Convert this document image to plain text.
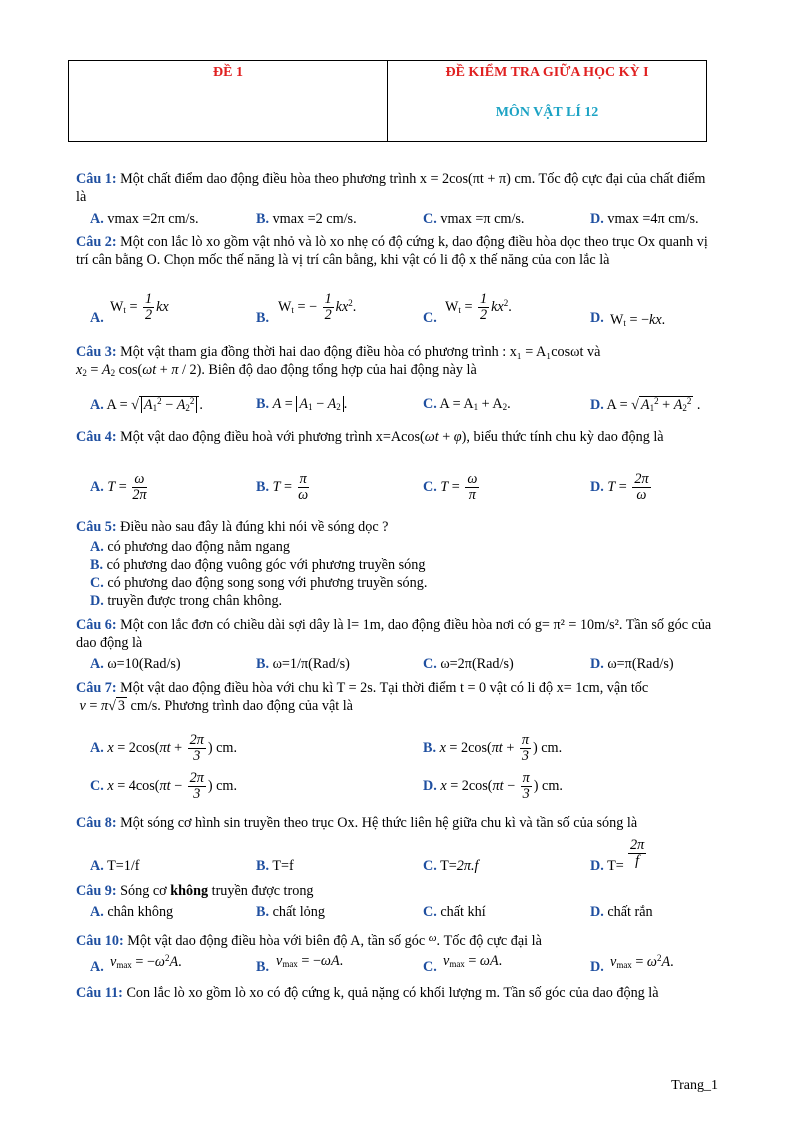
ĐỀ 1	ĐỀ KIỂM TRA GIỮA HỌC KỲ I
MÔN VẬT LÍ 12
Câu 1: Một chất điểm dao động điều hòa theo phương trình x = 2cos(πt + π) cm. Tốc độ cực đại của chất điểm là
A. vmax =2π cm/s.	B. vmax =2 cm/s.	C. vmax =π cm/s.	D. vmax =4π cm/s.
Câu 2: Một con lắc lò xo gồm vật nhỏ và lò xo nhẹ có độ cứng k, dao động điều hòa dọc theo trục Ox quanh vị trí cân bằng O. Chọn mốc thế năng là vị trí cân bằng, khi vật có li độ x thế năng của con lắc là
A.
$W_t = \frac{1}{2}$ kx
B.
$W_t$ = − $\frac{1}{2} kx^2$.
C.
$W_t = \frac{1}{2} kx^2$.
D. $W_t = -kx$.
Câu 3: Một vật tham gia đồng thời hai dao động điều hòa có phương trình : x₁ = A₁cosωt và
$x_2 = A_2$ cos(ωt + π / 2). Biên độ dao động tổng hợp của hai động này là
A. A = √ $A_1^2 - A_2^2$ .	B. $A = A_1 - A_2$ .	C. $A = A_1 + A_2$.	D. A = √ $A_1^2 + A_2^2$ .
Câu 4: Một vật dao động điều hoà với phương trình x=Acos(ωt + φ), biểu thức tính chu kỳ dao động là
A. $T = \frac{\omega}{2\pi}$	B. $T = \frac{\pi}{\omega}$	C. $T = \frac{\omega}{\pi}$	D. $T = \frac{2\pi}{\omega}$
Câu 5: Điều nào sau đây là đúng khi nói về sóng dọc ?
A. có phương dao động nằm ngang
B. có phương dao động vuông góc với phương truyền sóng
C. có phương dao động song song với phương truyền sóng.
D. truyền được trong chân không.
Câu 6: Một con lắc đơn có chiều dài sợi dây là l= 1m, dao động điều hòa nơi có g= π² = 10m/s². Tần số góc của dao động là
A. ω=10(Rad/s)	B. ω=1/π(Rad/s)	C. ω=2π(Rad/s)	D. ω=π(Rad/s)
Câu 7: Một vật dao động điều hòa với chu kì T = 2s. Tại thời điểm t = 0 vật có li độ x= 1cm, vận tốc
v = π√ 3 cm/s. Phương trình dao động của vật là
A. $x = 2\cos(\pi t + \frac{2\pi}{3}$ ) cm.	B. $x = 2\cos(\pi t + \frac{\pi}{3}$ ) cm.
C. $x = 4\cos(\pi t - \frac{2\pi}{3}$ ) cm.	D. $x = 2\cos(\pi t - \frac{\pi}{3}$ ) cm.
Câu 8: Một sóng cơ hình sin truyền theo trục Ox. Hệ thức liên hệ giữa chu kì và tần số của sóng là
A. T=1/f	B. T=f	C. T=2π.f	D. $T= \frac{2\pi}{f}$
Câu 9: Sóng cơ không truyền được trong
A. chân không	B. chất lỏng	C. chất khí	D. chất rắn
Câu 10: Một vật dao động điều hòa với biên độ A, tần số góc $^\omega$. Tốc độ cực đại là
A. $v_{max} = -\omega^2A$.	B. $v_{max} = -\omega A$.	C. $v_{max} = \omega A$.	D. $v_{max} = \omega^2A$.
Câu 11: Con lắc lò xo gồm lò xo có độ cứng k, quả nặng có khối lượng m. Tần số góc của dao động là
Trang_1
